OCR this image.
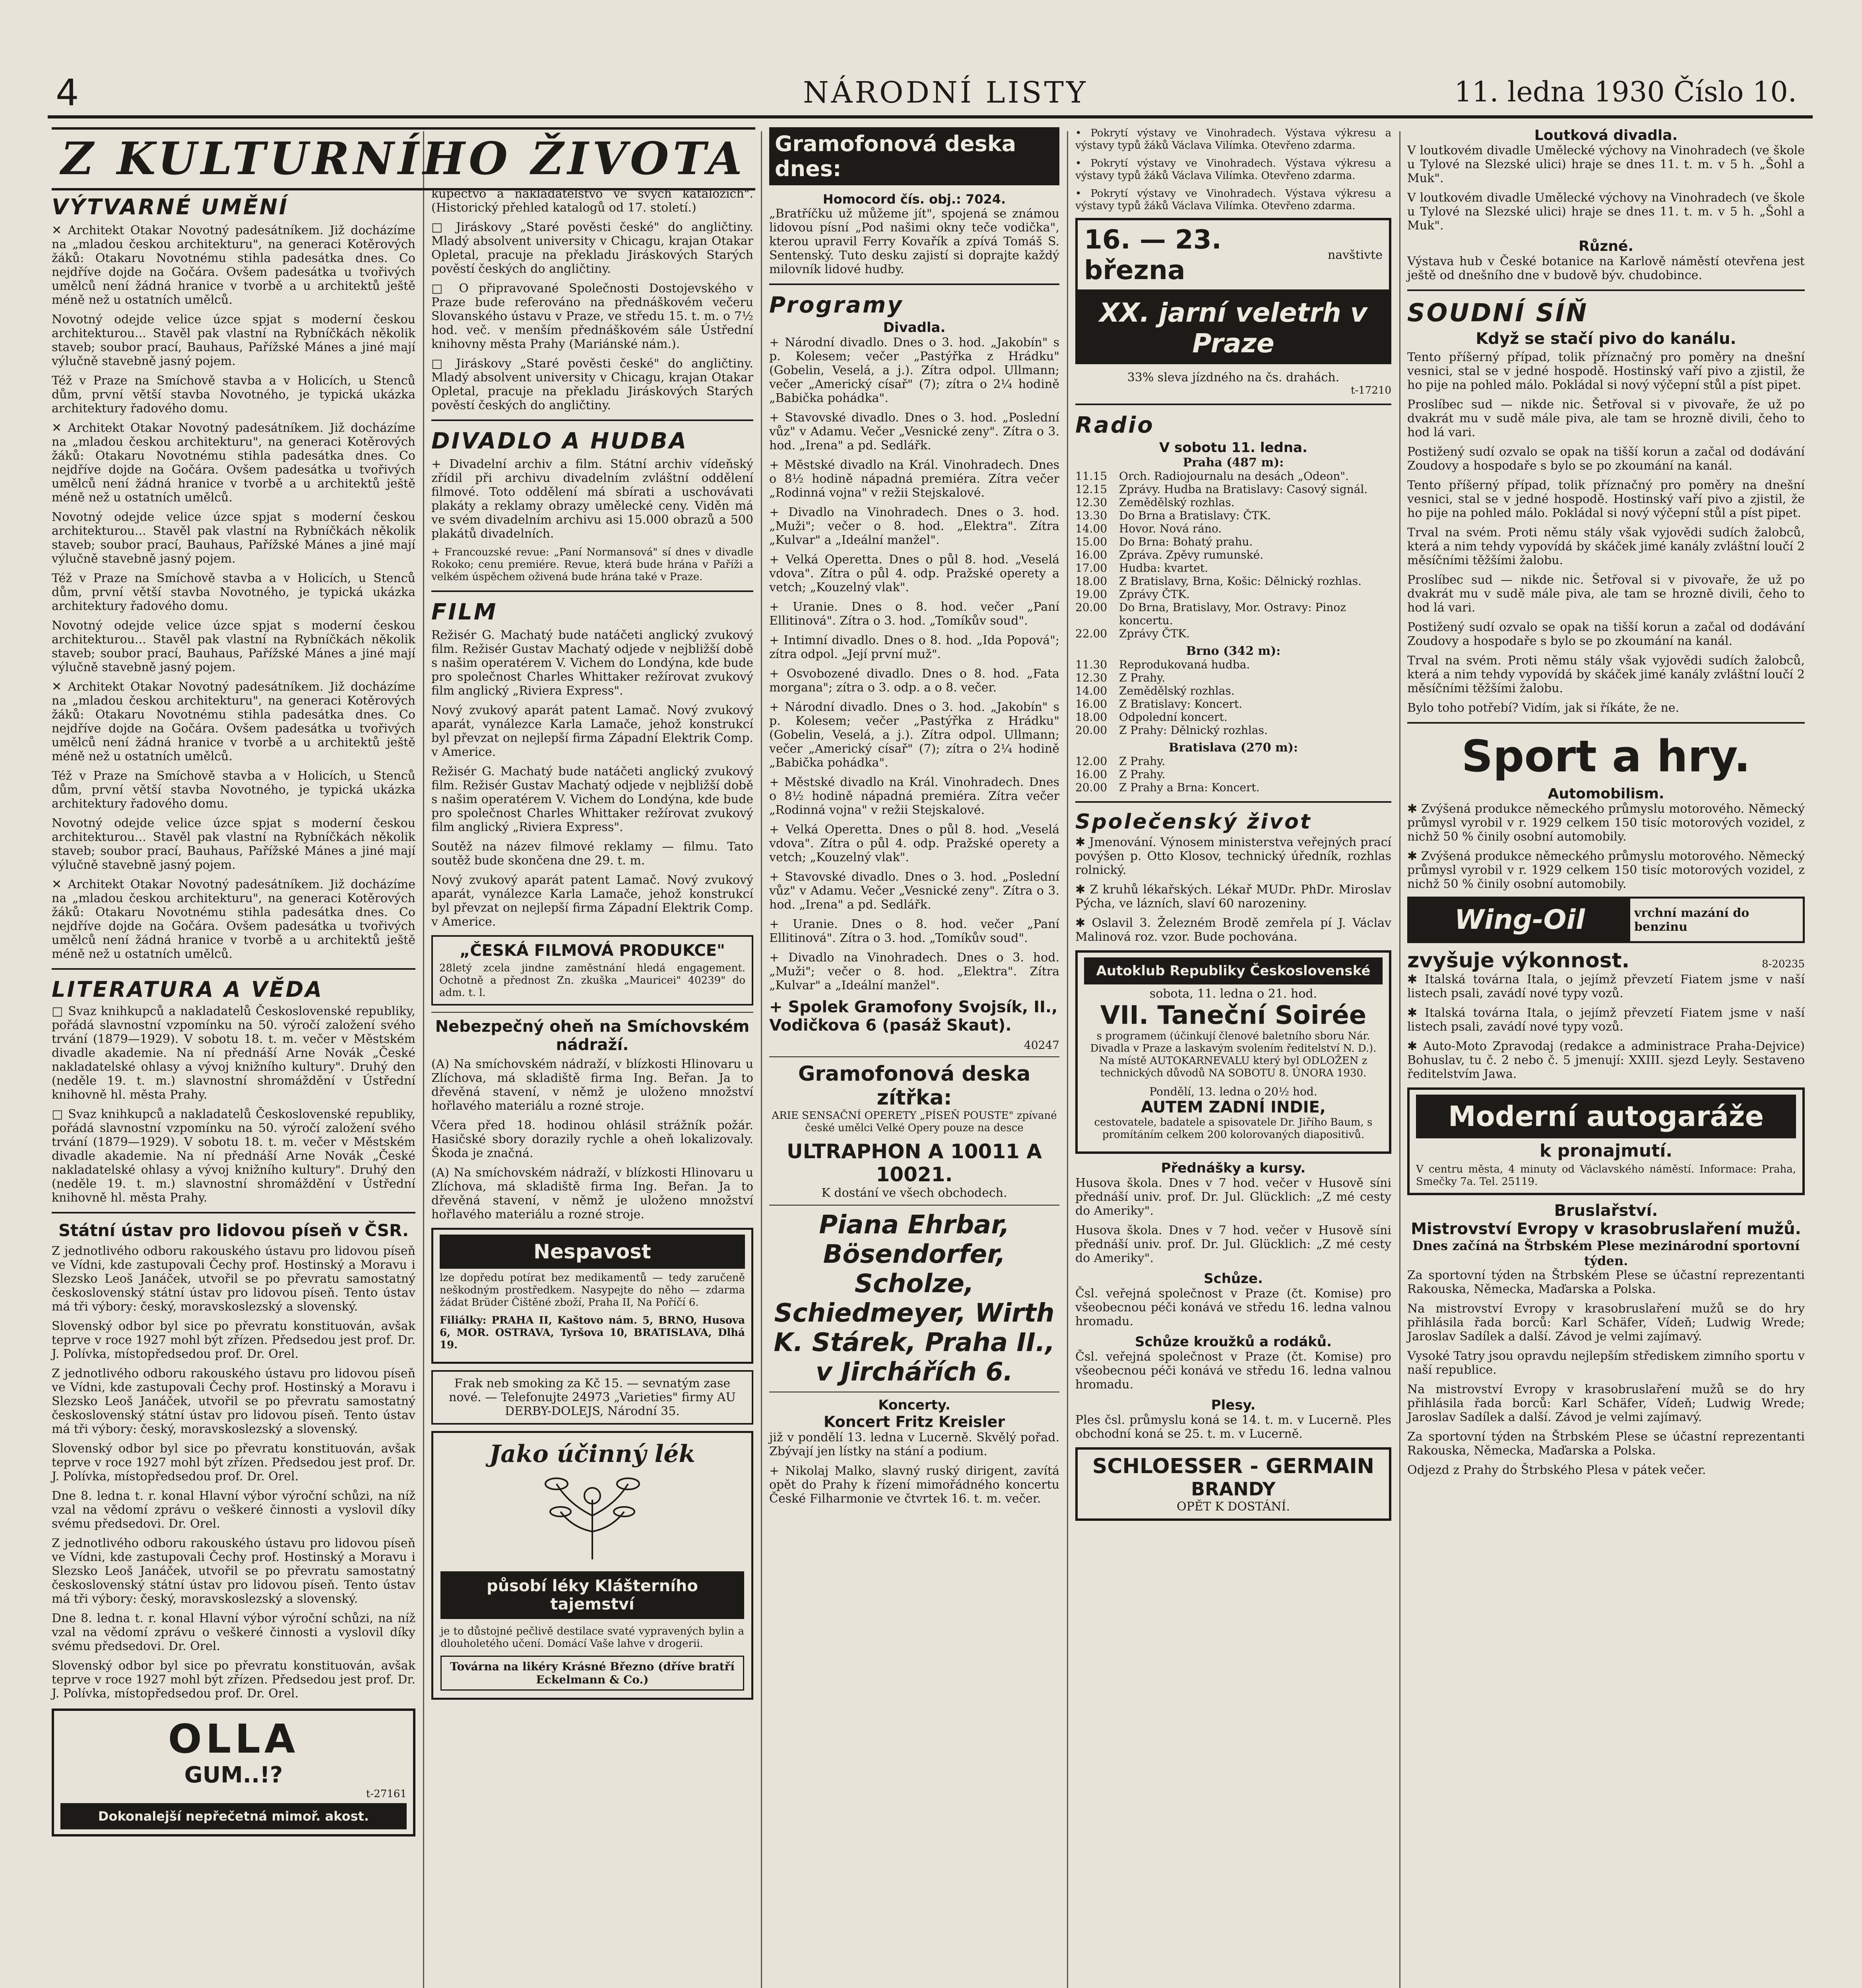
4	NÁRODNÍ LISTY	11. ledna 1930 Číslo 10.
Z KULTURNÍHO ŽIVOTA
VÝTVARNÉ UMĚNÍ

✕ Architekt Otakar Novotný padesátníkem. Již docházíme na „mladou českou architekturu", na generaci Kotěrových žáků: Otakaru Novotnému stihla padesátka dnes. Co nejdříve dojde na Gočára. Ovšem padesátka u tvořivých umělců není žádná hranice v tvorbě a u architektů ještě méně než u ostatních umělců.

Novotný odejde velice úzce spjat s moderní českou architekturou... Stavěl pak vlastní na Rybníčkách několik staveb; soubor prací, Bauhaus, Pařížské Mánes a jiné mají výlučně stavebně jasný pojem.

Též v Praze na Smíchově stavba a v Holicích, u Stenců dům, první větší stavba Novotného, je typická ukázka architektury řadového domu.

✕ Architekt Otakar Novotný padesátníkem. Již docházíme na „mladou českou architekturu", na generaci Kotěrových žáků: Otakaru Novotnému stihla padesátka dnes. Co nejdříve dojde na Gočára. Ovšem padesátka u tvořivých umělců není žádná hranice v tvorbě a u architektů ještě méně než u ostatních umělců.

Novotný odejde velice úzce spjat s moderní českou architekturou... Stavěl pak vlastní na Rybníčkách několik staveb; soubor prací, Bauhaus, Pařížské Mánes a jiné mají výlučně stavebně jasný pojem.

Též v Praze na Smíchově stavba a v Holicích, u Stenců dům, první větší stavba Novotného, je typická ukázka architektury řadového domu.

Novotný odejde velice úzce spjat s moderní českou architekturou... Stavěl pak vlastní na Rybníčkách několik staveb; soubor prací, Bauhaus, Pařížské Mánes a jiné mají výlučně stavebně jasný pojem.

✕ Architekt Otakar Novotný padesátníkem. Již docházíme na „mladou českou architekturu", na generaci Kotěrových žáků: Otakaru Novotnému stihla padesátka dnes. Co nejdříve dojde na Gočára. Ovšem padesátka u tvořivých umělců není žádná hranice v tvorbě a u architektů ještě méně než u ostatních umělců.

Též v Praze na Smíchově stavba a v Holicích, u Stenců dům, první větší stavba Novotného, je typická ukázka architektury řadového domu.

Novotný odejde velice úzce spjat s moderní českou architekturou... Stavěl pak vlastní na Rybníčkách několik staveb; soubor prací, Bauhaus, Pařížské Mánes a jiné mají výlučně stavebně jasný pojem.

✕ Architekt Otakar Novotný padesátníkem. Již docházíme na „mladou českou architekturu", na generaci Kotěrových žáků: Otakaru Novotnému stihla padesátka dnes. Co nejdříve dojde na Gočára. Ovšem padesátka u tvořivých umělců není žádná hranice v tvorbě a u architektů ještě méně než u ostatních umělců.

LITERATURA A VĚDA

□ Svaz knihkupců a nakladatelů Československé republiky, pořádá slavnostní vzpomínku na 50. výročí založení svého trvání (1879—1929). V sobotu 18. t. m. večer v Městském divadle akademie. Na ní přednáší Arne Novák „České nakladatelské ohlasy a vývoj knižního kultury". Druhý den (neděle 19. t. m.) slavnostní shromáždění v Ústřední knihovně hl. města Prahy.

□ Svaz knihkupců a nakladatelů Československé republiky, pořádá slavnostní vzpomínku na 50. výročí založení svého trvání (1879—1929). V sobotu 18. t. m. večer v Městském divadle akademie. Na ní přednáší Arne Novák „České nakladatelské ohlasy a vývoj knižního kultury". Druhý den (neděle 19. t. m.) slavnostní shromáždění v Ústřední knihovně hl. města Prahy.

Státní ústav pro lidovou píseň v ČSR.

Z jednotlivého odboru rakouského ústavu pro lidovou píseň ve Vídni, kde zastupovali Čechy prof. Hostinský a Moravu i Slezsko Leoš Janáček, utvořil se po převratu samostatný československý státní ústav pro lidovou píseň. Tento ústav má tři výbory: český, moravskoslezský a slovenský.

Slovenský odbor byl sice po převratu konstituován, avšak teprve v roce 1927 mohl být zřízen. Předsedou jest prof. Dr. J. Polívka, místopředsedou prof. Dr. Orel.

Z jednotlivého odboru rakouského ústavu pro lidovou píseň ve Vídni, kde zastupovali Čechy prof. Hostinský a Moravu i Slezsko Leoš Janáček, utvořil se po převratu samostatný československý státní ústav pro lidovou píseň. Tento ústav má tři výbory: český, moravskoslezský a slovenský.

Slovenský odbor byl sice po převratu konstituován, avšak teprve v roce 1927 mohl být zřízen. Předsedou jest prof. Dr. J. Polívka, místopředsedou prof. Dr. Orel.

Dne 8. ledna t. r. konal Hlavní výbor výroční schůzi, na níž vzal na vědomí zprávu o veškeré činnosti a vyslovil díky svému předsedovi. Dr. Orel.

Z jednotlivého odboru rakouského ústavu pro lidovou píseň ve Vídni, kde zastupovali Čechy prof. Hostinský a Moravu i Slezsko Leoš Janáček, utvořil se po převratu samostatný československý státní ústav pro lidovou píseň. Tento ústav má tři výbory: český, moravskoslezský a slovenský.

Dne 8. ledna t. r. konal Hlavní výbor výroční schůzi, na níž vzal na vědomí zprávu o veškeré činnosti a vyslovil díky svému předsedovi. Dr. Orel.

Slovenský odbor byl sice po převratu konstituován, avšak teprve v roce 1927 mohl být zřízen. Předsedou jest prof. Dr. J. Polívka, místopředsedou prof. Dr. Orel.

OLLA
GUM..!?
t-27161
Dokonalejší nepřečetná mimoř. akost.

kupectvo a nakladatelstvo ve svých katalozích". (Historický přehled katalogů od 17. století.)

□ Jiráskovy „Staré pověsti české" do angličtiny. Mladý absolvent university v Chicagu, krajan Otakar Opletal, pracuje na překladu Jiráskových Starých pověstí českých do angličtiny.

□ O připravované Společnosti Dostojevského v Praze bude referováno na přednáškovém večeru Slovanského ústavu v Praze, ve středu 15. t. m. o 7½ hod. več. v menším přednáškovém sále Ústřední knihovny města Prahy (Mariánské nám.).

□ Jiráskovy „Staré pověsti české" do angličtiny. Mladý absolvent university v Chicagu, krajan Otakar Opletal, pracuje na překladu Jiráskových Starých pověstí českých do angličtiny.

DIVADLO A HUDBA

+ Divadelní archiv a film. Státní archiv vídeňský zřídil při archivu divadelním zvláštní oddělení filmové. Toto oddělení má sbírati a uschovávati plakáty a reklamy obrazy umělecké ceny. Viděn má ve svém divadelním archivu asi 15.000 obrazů a 500 plakátů divadelních.

+ Francouzské revue: „Paní Normansová" sí dnes v divadle Rokoko; cenu premiére. Revue, která bude hrána v Paříži a velkém úspěchem oživená bude hrána také v Praze.

FILM

Režisér G. Machatý bude natáčeti anglický zvukový film. Režisér Gustav Machatý odjede v nejbližší době s našim operatérem V. Vichem do Londýna, kde bude pro společnost Charles Whittaker režírovat zvukový film anglický „Riviera Express".

Nový zvukový aparát patent Lamač. Nový zvukový aparát, vynálezce Karla Lamače, jehož konstrukcí byl převzat on nejlepší firma Západní Elektrik Comp. v Americe.

Režisér G. Machatý bude natáčeti anglický zvukový film. Režisér Gustav Machatý odjede v nejbližší době s našim operatérem V. Vichem do Londýna, kde bude pro společnost Charles Whittaker režírovat zvukový film anglický „Riviera Express".

Soutěž na název filmové reklamy — filmu. Tato soutěž bude skončena dne 29. t. m.

Nový zvukový aparát patent Lamač. Nový zvukový aparát, vynálezce Karla Lamače, jehož konstrukcí byl převzat on nejlepší firma Západní Elektrik Comp. v Americe.

„ČESKÁ FILMOVÁ PRODUKCE"

28letý zcela jindne zaměstnání hledá engagement. Ochotně a přednost Zn. zkuška „Mauricei" 40239" do adm. t. l.

Nebezpečný oheň na Smíchovském nádraží.

(A) Na smíchovském nádraží, v blízkosti Hlinovaru u Zlíchova, má skladiště firma Ing. Beřan. Ja to dřevěná stavení, v němž je uloženo množství hořlavého materiálu a rozné stroje.

Včera před 18. hodinou ohlásil strážník požár. Hasičské sbory dorazily rychle a oheň lokalizovaly. Škoda je značná.

(A) Na smíchovském nádraží, v blízkosti Hlinovaru u Zlíchova, má skladiště firma Ing. Beřan. Ja to dřevěná stavení, v němž je uloženo množství hořlavého materiálu a rozné stroje.

Nespavost

lze dopředu potírat bez medikamentů — tedy zaručeně neškodným prostředkem. Nasypejte do něho — zdarma žádat Brüder Čištěné zboží, Praha II, Na Poříčí 6.

Filiálky: PRAHA II, Kaštovo nám. 5, BRNO, Husova 6, MOR. OSTRAVA, Tyršova 10, BRATISLAVA, Dlhá 19.

Frak neb smoking za Kč 15. — sevnatým zase nové. — Telefonujte 24973 „Varieties" firmy AU DERBY-DOLEJS, Národní 35.

Jako účinný lék
působí léky Klášterního tajemství

je to důstojné pečlivě destilace svaté vypravených bylin a dlouholetého učení. Domácí Vaše lahve v drogerii.

Továrna na likéry Krásné Březno (dříve bratří Eckelmann & Co.)
Gramofonová deska dnes:
Homocord čís. obj.: 7024.

„Bratříčku už můžeme jít", spojená se známou lidovou písní „Pod našimi okny teče vodička", kterou upravil Ferry Kovařík a zpívá Tomáš S. Sentenský. Tuto desku zajistí si doprajte každý milovník lidové hudby.

Programy
Divadla.

+ Národní divadlo. Dnes o 3. hod. „Jakobín" s p. Kolesem; večer „Pastýřka z Hrádku" (Gobelin, Veselá, a j.). Zítra odpol. Ullmann; večer „Americký císař" (7); zítra o 2¼ hodině „Babička pohádka".

+ Stavovské divadlo. Dnes o 3. hod. „Poslední vůz" v Adamu. Večer „Vesnické zeny". Zítra o 3. hod. „Irena" a pd. Sedlářk.

+ Městské divadlo na Král. Vinohradech. Dnes o 8½ hodině nápadná premiéra. Zítra večer „Rodinná vojna" v režii Stejskalové.

+ Divadlo na Vinohradech. Dnes o 3. hod. „Muži"; večer o 8. hod. „Elektra". Zítra „Kulvar" a „Ideální manžel".

+ Velká Operetta. Dnes o půl 8. hod. „Veselá vdova". Zítra o půl 4. odp. Pražské operety a vetch; „Kouzelný vlak".

+ Uranie. Dnes o 8. hod. večer „Paní Ellitinová". Zítra o 3. hod. „Tomíkův soud".

+ Intimní divadlo. Dnes o 8. hod. „Ida Popová"; zítra odpol. „Její první muž".

+ Osvobozené divadlo. Dnes o 8. hod. „Fata morgana"; zítra o 3. odp. a o 8. večer.

+ Národní divadlo. Dnes o 3. hod. „Jakobín" s p. Kolesem; večer „Pastýřka z Hrádku" (Gobelin, Veselá, a j.). Zítra odpol. Ullmann; večer „Americký císař" (7); zítra o 2¼ hodině „Babička pohádka".

+ Městské divadlo na Král. Vinohradech. Dnes o 8½ hodině nápadná premiéra. Zítra večer „Rodinná vojna" v režii Stejskalové.

+ Velká Operetta. Dnes o půl 8. hod. „Veselá vdova". Zítra o půl 4. odp. Pražské operety a vetch; „Kouzelný vlak".

+ Stavovské divadlo. Dnes o 3. hod. „Poslední vůz" v Adamu. Večer „Vesnické zeny". Zítra o 3. hod. „Irena" a pd. Sedlářk.

+ Uranie. Dnes o 8. hod. večer „Paní Ellitinová". Zítra o 3. hod. „Tomíkův soud".

+ Divadlo na Vinohradech. Dnes o 3. hod. „Muži"; večer o 8. hod. „Elektra". Zítra „Kulvar" a „Ideální manžel".

+ Spolek Gramofony Svojsík, II., Vodičkova 6 (pasáž Skaut).
40247
Gramofonová deska zítřka:

ARIE SENSAČNÍ OPERETY „PÍSEŇ POUSTE" zpívané české umělci Velké Opery pouze na desce

ULTRAPHON A 10011 A 10021.
K dostání ve všech obchodech.
Piana Ehrbar, Bösendorfer, Scholze, Schiedmeyer, Wirth K. Stárek, Praha II., v Jirchářích 6.
Koncerty.
Koncert Fritz Kreisler

již v pondělí 13. ledna v Lucerně. Skvělý pořad. Zbývají jen lístky na stání a podium.

+ Nikolaj Malko, slavný ruský dirigent, zavítá opět do Prahy k řízení mimořádného koncertu České Filharmonie ve čtvrtek 16. t. m. večer.

• Pokrytí výstavy ve Vinohradech. Výstava výkresu a výstavy typů žáků Václava Vilímka. Otevřeno zdarma.

• Pokrytí výstavy ve Vinohradech. Výstava výkresu a výstavy typů žáků Václava Vilímka. Otevřeno zdarma.

• Pokrytí výstavy ve Vinohradech. Výstava výkresu a výstavy typů žáků Václava Vilímka. Otevřeno zdarma.

16. — 23. března	navštivte
XX. jarní veletrh v Praze
33% sleva jízdného na čs. drahách.
t-17210
Radio
V sobotu 11. ledna.
Praha (487 m):
11.15	Orch. Radiojournalu na desách „Odeon".
12.15	Zprávy. Hudba na Bratislavy: Casový signál.
12.30	Zemědělský rozhlas.
13.30	Do Brna a Bratislavy: ČTK.
14.00	Hovor. Nová ráno.
15.00	Do Brna: Bohatý prahu.
16.00	Zpráva. Zpěvy rumunské.
17.00	Hudba: kvartet.
18.00	Z Bratislavy, Brna, Košic: Dělnický rozhlas.
19.00	Zprávy ČTK.
20.00	Do Brna, Bratislavy, Mor. Ostravy: Pinoz koncertu.
22.00	Zprávy ČTK.
Brno (342 m):
11.30	Reprodukovaná hudba.
12.30	Z Prahy.
14.00	Zemědělský rozhlas.
16.00	Z Bratislavy: Koncert.
18.00	Odpolední koncert.
20.00	Z Prahy: Dělnický rozhlas.
Bratislava (270 m):
12.00	Z Prahy.
16.00	Z Prahy.
20.00	Z Prahy a Brna: Koncert.
Společenský život

✱ Jmenování. Výnosem ministerstva veřejných prací povýšen p. Otto Klosov, technický úředník, rozhlas rolnický.

✱ Z kruhů lékařských. Lékař MUDr. PhDr. Miroslav Pýcha, ve lázních, slaví 60 narozeniny.

✱ Oslavil 3. Železném Brodě zemřela pí J. Václav Malinová roz. vzor. Bude pochována.

Autoklub Republiky Československé
sobota, 11. ledna o 21. hod.
VII. Taneční Soirée

s programem (účinkují členové baletního sboru Nár. Divadla v Praze a laskavým svolením ředitelství N. D.). Na místě AUTOKARNEVALU který byl ODLOŽEN z technických důvodů NA SOBOTU 8. ÚNORA 1930.

Pondělí, 13. ledna o 20½ hod.
AUTEM ZADNÍ INDIE,

cestovatele, badatele a spisovatele Dr. Jiřího Baum, s promítáním celkem 200 kolorovaných diapositivů.

Přednášky a kursy.

Husova škola. Dnes v 7 hod. večer v Husově síni přednáší univ. prof. Dr. Jul. Glücklich: „Z mé cesty do Ameriky".

Husova škola. Dnes v 7 hod. večer v Husově síni přednáší univ. prof. Dr. Jul. Glücklich: „Z mé cesty do Ameriky".

Schůze.

Čsl. veřejná společnost v Praze (čt. Komise) pro všeobecnou péči konává ve středu 16. ledna valnou hromadu.

Schůze kroužků a rodáků.

Čsl. veřejná společnost v Praze (čt. Komise) pro všeobecnou péči konává ve středu 16. ledna valnou hromadu.

Plesy.

Ples čsl. průmyslu koná se 14. t. m. v Lucerně. Ples obchodní koná se 25. t. m. v Lucerně.

SCHLOESSER - GERMAIN
BRANDY
OPĚT K DOSTÁNÍ.
Loutková divadla.

V loutkovém divadle Umělecké výchovy na Vinohradech (ve škole u Tylové na Slezské ulici) hraje se dnes 11. t. m. v 5 h. „Šohl a Muk".

V loutkovém divadle Umělecké výchovy na Vinohradech (ve škole u Tylové na Slezské ulici) hraje se dnes 11. t. m. v 5 h. „Šohl a Muk".

Různé.

Výstava hub v České botanice na Karlově náměstí otevřena jest ještě od dnešního dne v budově býv. chudobince.

SOUDNÍ SÍŇ
Když se stačí pivo do kanálu.

Tento příšerný případ, tolik příznačný pro poměry na dnešní vesnici, stal se v jedné hospodě. Hostinský vaří pivo a zjistil, že ho pije na pohled málo. Pokládal si nový výčepní stůl a píst pipet.

Proslíbec sud — nikde nic. Šetřoval si v pivovaře, že už po dvakrát mu v sudě mále piva, ale tam se hrozně divili, čeho to hod lá vari.

Postižený sudí ozvalo se opak na tišší korun a začal od dodávání Zoudovy a hospodaře s bylo se po zkoumání na kanál.

Tento příšerný případ, tolik příznačný pro poměry na dnešní vesnici, stal se v jedné hospodě. Hostinský vaří pivo a zjistil, že ho pije na pohled málo. Pokládal si nový výčepní stůl a píst pipet.

Trval na svém. Proti němu stály však vyjovědi sudích žalobců, která a nim tehdy vypovídá by skáček jimé kanály zvláštní loučí 2 měsíčními těžšími žalobu.

Proslíbec sud — nikde nic. Šetřoval si v pivovaře, že už po dvakrát mu v sudě mále piva, ale tam se hrozně divili, čeho to hod lá vari.

Postižený sudí ozvalo se opak na tišší korun a začal od dodávání Zoudovy a hospodaře s bylo se po zkoumání na kanál.

Trval na svém. Proti němu stály však vyjovědi sudích žalobců, která a nim tehdy vypovídá by skáček jimé kanály zvláštní loučí 2 měsíčními těžšími žalobu.

Bylo toho potřebí? Vidím, jak si říkáte, že ne.

Sport a hry.
Automobilism.

✱ Zvýšená produkce německého průmyslu motorového. Německý průmysl vyrobil v r. 1929 celkem 150 tisíc motorových vozidel, z nichž 50 % činily osobní automobily.

✱ Zvýšená produkce německého průmyslu motorového. Německý průmysl vyrobil v r. 1929 celkem 150 tisíc motorových vozidel, z nichž 50 % činily osobní automobily.

Wing-Oil	vrchní mazání do benzinu
zvyšuje výkonnost.	8-20235

✱ Italská továrna Itala, o jejímž převzetí Fiatem jsme v naší listech psali, zavádí nové typy vozů.

✱ Italská továrna Itala, o jejímž převzetí Fiatem jsme v naší listech psali, zavádí nové typy vozů.

✱ Auto-Moto Zpravodaj (redakce a administrace Praha-Dejvice) Bohuslav, tu č. 2 nebo č. 5 jmenují: XXIII. sjezd Leyly. Sestaveno ředitelstvím Jawa.

Moderní autogaráže
k pronajmutí.

V centru města, 4 minuty od Václavského náměstí. Informace: Praha, Smečky 7a. Tel. 25119.

Bruslařství.
Mistrovství Evropy v krasobruslaření mužů.
Dnes začíná na Štrbském Plese mezinárodní sportovní týden.

Za sportovní týden na Štrbském Plese se účastní reprezentanti Rakouska, Německa, Maďarska a Polska.

Na mistrovství Evropy v krasobruslaření mužů se do hry přihlásila řada borců: Karl Schäfer, Vídeň; Ludwig Wrede; Jaroslav Sadílek a další. Závod je velmi zajímavý.

Vysoké Tatry jsou opravdu nejlepším střediskem zimního sportu v naší republice.

Na mistrovství Evropy v krasobruslaření mužů se do hry přihlásila řada borců: Karl Schäfer, Vídeň; Ludwig Wrede; Jaroslav Sadílek a další. Závod je velmi zajímavý.

Za sportovní týden na Štrbském Plese se účastní reprezentanti Rakouska, Německa, Maďarska a Polska.

Odjezd z Prahy do Štrbského Plesa v pátek večer.
